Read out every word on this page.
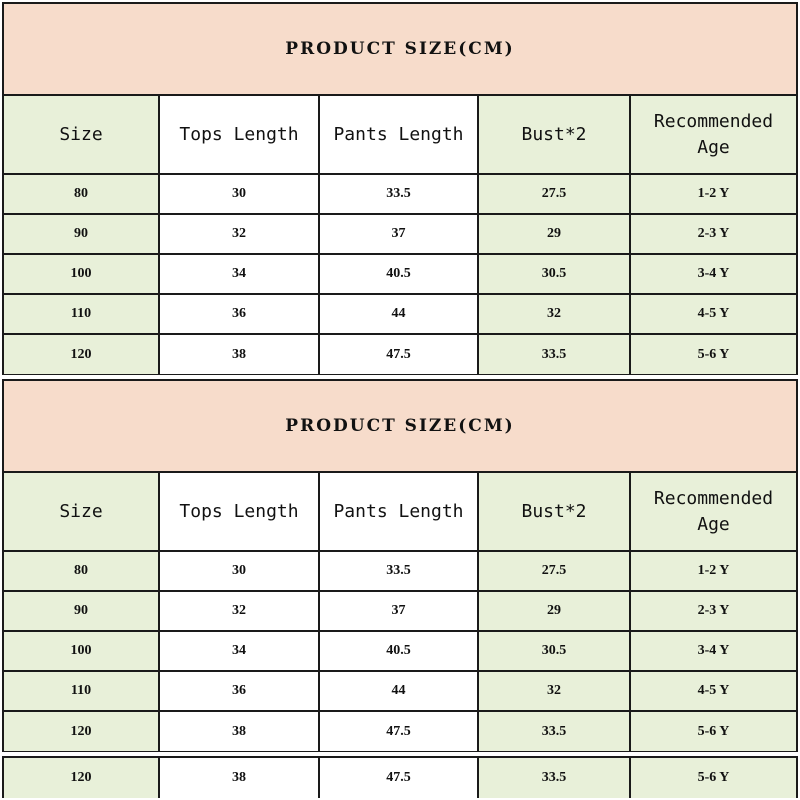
PRODUCT SIZE(CM)
Size	Tops Length	Pants Length	Bust*2	Recommended
Age
80	30	33.5	27.5	1-2 Y
90	32	37	29	2-3 Y
100	34	40.5	30.5	3-4 Y
110	36	44	32	4-5 Y
120	38	47.5	33.5	5-6 Y
PRODUCT SIZE(CM)
Size	Tops Length	Pants Length	Bust*2	Recommended
Age
80	30	33.5	27.5	1-2 Y
90	32	37	29	2-3 Y
100	34	40.5	30.5	3-4 Y
110	36	44	32	4-5 Y
120	38	47.5	33.5	5-6 Y
120	38	47.5	33.5	5-6 Y
